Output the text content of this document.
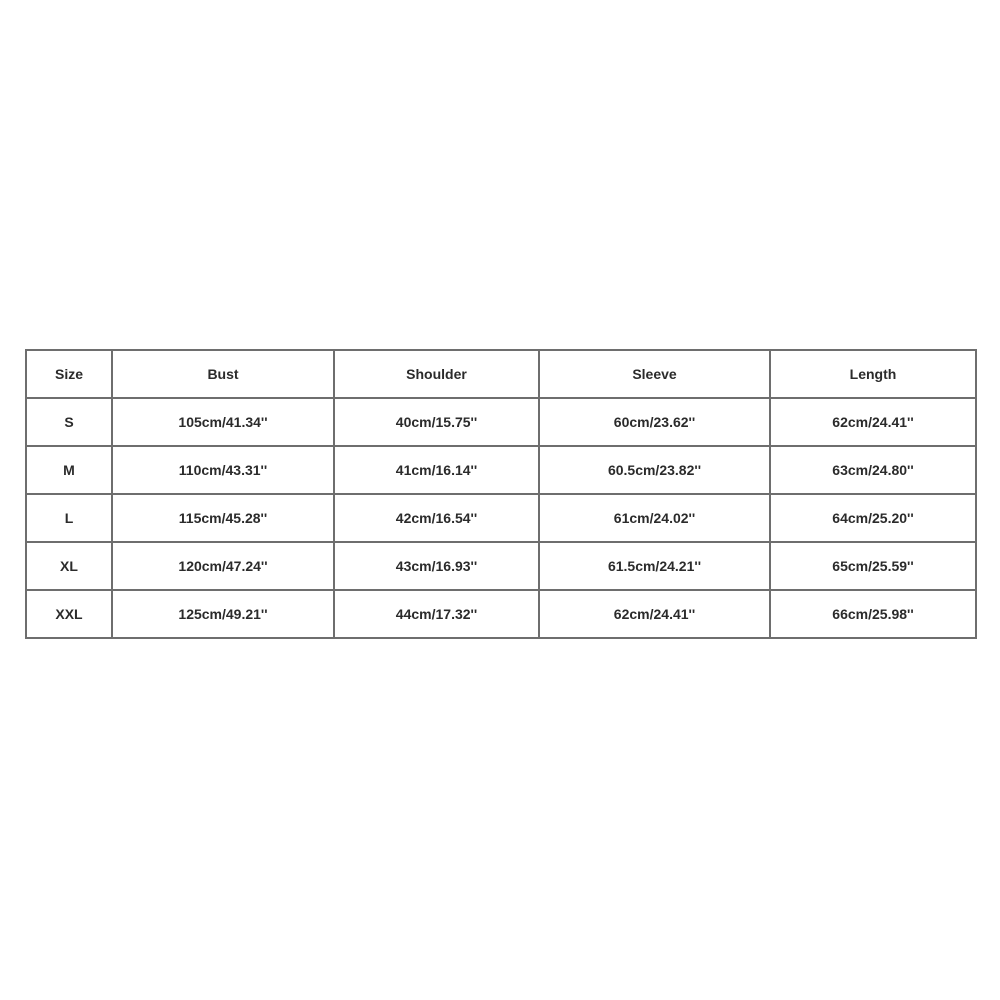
Size	Bust	Shoulder	Sleeve	Length
S	105cm/41.34''	40cm/15.75''	60cm/23.62''	62cm/24.41''
M	110cm/43.31''	41cm/16.14''	60.5cm/23.82''	63cm/24.80''
L	115cm/45.28''	42cm/16.54''	61cm/24.02''	64cm/25.20''
XL	120cm/47.24''	43cm/16.93''	61.5cm/24.21''	65cm/25.59''
XXL	125cm/49.21''	44cm/17.32''	62cm/24.41''	66cm/25.98''
